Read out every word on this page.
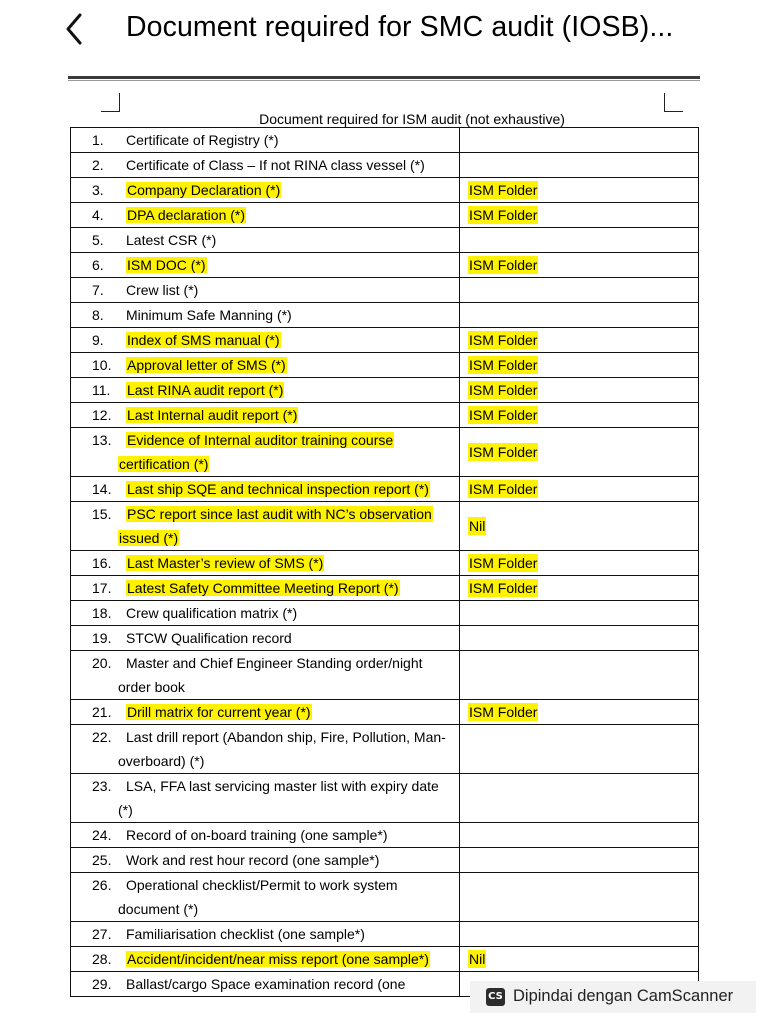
Document required for SMC audit (IOSB)...
Document required for ISM audit (not exhaustive)
1. Certificate of Registry (*)	

2. Certificate of Class – If not RINA class vessel (*)	

3. Company Declaration (*)	ISM Folder

4. DPA declaration (*)	ISM Folder

5. Latest CSR (*)	

6. ISM DOC (*)	ISM Folder

7. Crew list (*)	

8. Minimum Safe Manning (*)	

9. Index of SMS manual (*)	ISM Folder

10. Approval letter of SMS (*)	ISM Folder

11. Last RINA audit report (*)	ISM Folder

12. Last Internal audit report (*)	ISM Folder

13. Evidence of Internal auditor training course
certification (*)	ISM Folder

14. Last ship SQE and technical inspection report (*)	ISM Folder

15. PSC report since last audit with NC’s observation
issued (*)	Nil

16. Last Master’s review of SMS (*)	ISM Folder

17. Latest Safety Committee Meeting Report (*)	ISM Folder

18. Crew qualification matrix (*)	

19. STCW Qualification record	

20. Master and Chief Engineer Standing order/night
order book	

21. Drill matrix for current year (*)	ISM Folder

22. Last drill report (Abandon ship, Fire, Pollution, Man-
overboard) (*)	

23. LSA, FFA last servicing master list with expiry date
(*)	

24. Record of on-board training (one sample*)	

25. Work and rest hour record (one sample*)	

26. Operational checklist/Permit to work system
document (*)	

27. Familiarisation checklist (one sample*)	

28. Accident/incident/near miss report (one sample*)	Nil

29. Ballast/cargo Space examination record (one	

CS Dipindai dengan CamScanner
